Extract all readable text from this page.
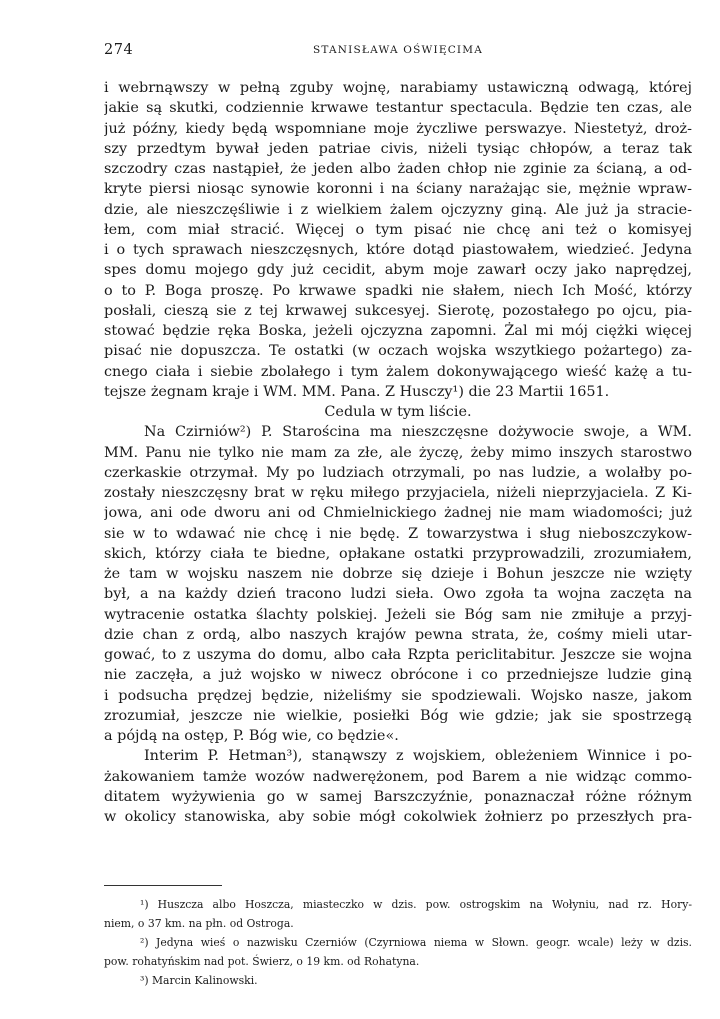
274	STANISŁAWA OŚWIĘCIMA
i webrnąwszy w pełną zguby wojnę, narabiamy ustawiczną odwagą, której
jakie są skutki, codziennie krwawe testantur spectacula. Będzie ten czas, ale
już późny, kiedy będą wspomniane moje życzliwe perswazye. Niestetyż, droż-
szy przedtym bywał jeden patriae civis, niżeli tysiąc chłopów, a teraz tak
szczodry czas nastąpieł, że jeden albo żaden chłop nie zginie za ścianą, a od-
kryte piersi niosąc synowie koronni i na ściany narażając sie, mężnie wpraw-
dzie, ale nieszczęśliwie i z wielkiem żalem ojczyzny giną. Ale już ja stracie-
łem, com miał stracić. Więcej o tym pisać nie chcę ani też o komisyej
i o tych sprawach nieszczęsnych, które dotąd piastowałem, wiedzieć. Jedyna
spes domu mojego gdy już cecidit, abym moje zawarł oczy jako naprędzej,
o to P. Boga proszę. Po krwawe spadki nie słałem, niech Ich Mość, którzy
posłali, cieszą sie z tej krwawej sukcesyej. Sierotę, pozostałego po ojcu, pia-
stować będzie ręka Boska, jeżeli ojczyzna zapomni. Żal mi mój ciężki więcej
pisać nie dopuszcza. Te ostatki (w oczach wojska wszytkiego pożartego) za-
cnego ciała i siebie zbolałego i tym żalem dokonywającego wieść każę a tu-
tejsze żegnam kraje i WM. MM. Pana. Z Husczy¹) die 23 Martii 1651.
Cedula w tym liście.
Na Czirniów²) P. Starościna ma nieszczęsne dożywocie swoje, a WM.
MM. Panu nie tylko nie mam za złe, ale życzę, żeby mimo inszych starostwo
czerkaskie otrzymał. My po ludziach otrzymali, po nas ludzie, a wolałby po-
zostały nieszczęsny brat w ręku miłego przyjaciela, niżeli nieprzyjaciela. Z Ki-
jowa, ani ode dworu ani od Chmielnickiego żadnej nie mam wiadomości; już
sie w to wdawać nie chcę i nie będę. Z towarzystwa i sług nieboszczykow-
skich, którzy ciała te biedne, opłakane ostatki przyprowadzili, zrozumiałem,
że tam w wojsku naszem nie dobrze się dzieje i Bohun jeszcze nie wzięty
był, a na każdy dzień tracono ludzi sieła. Owo zgoła ta wojna zaczęta na
wytracenie ostatka ślachty polskiej. Jeżeli sie Bóg sam nie zmiłuje a przyj-
dzie chan z ordą, albo naszych krajów pewna strata, że, cośmy mieli utar-
gować, to z uszyma do domu, albo cała Rzpta periclitabitur. Jeszcze sie wojna
nie zaczęła, a już wojsko w niwecz obrócone i co przedniejsze ludzie giną
i podsucha prędzej będzie, niżeliśmy sie spodziewali. Wojsko nasze, jakom
zrozumiał, jeszcze nie wielkie, posiełki Bóg wie gdzie; jak sie spostrzegą
a pójdą na ostęp, P. Bóg wie, co będzie«.
Interim P. Hetman³), stanąwszy z wojskiem, obleżeniem Winnice i po-
żakowaniem tamże wozów nadwerężonem, pod Barem a nie widząc commo-
ditatem wyżywienia go w samej Barszczyźnie, ponaznaczał różne różnym
w okolicy stanowiska, aby sobie mógł cokolwiek żołnierz po przeszłych pra-
¹) Huszcza albo Hoszcza, miasteczko w dzis. pow. ostrogskim na Wołyniu, nad rz. Hory-
niem, o 37 km. na płn. od Ostroga.
²) Jedyna wieś o nazwisku Czerniów (Czyrniowa niema w Słown. geogr. wcale) leży w dzis.
pow. rohatyńskim nad pot. Świerz, o 19 km. od Rohatyna.
³) Marcin Kalinowski.
